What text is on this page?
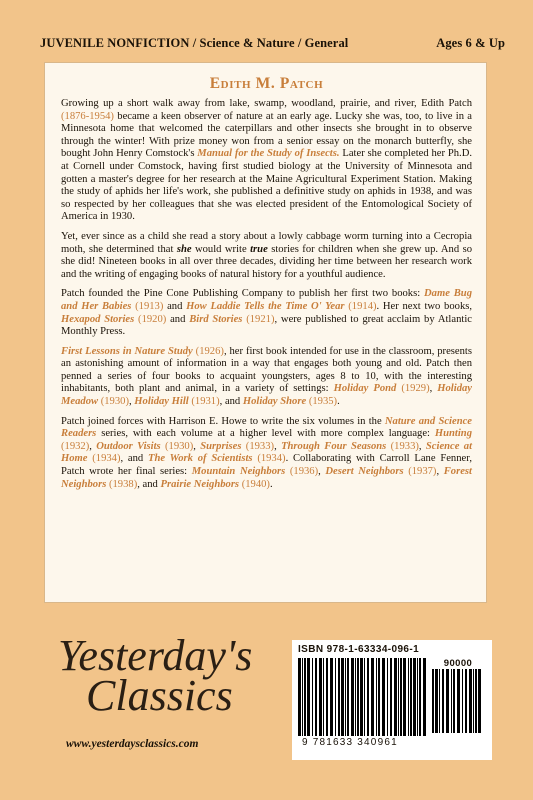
JUVENILE NONFICTION / Science & Nature / General	Ages 6 & Up
Edith M. Patch

Growing up a short walk away from lake, swamp, woodland, prairie, and river, Edith Patch (1876-1954) became a keen observer of nature at an early age. Lucky she was, too, to live in a Minnesota home that welcomed the caterpillars and other insects she brought in to observe through the winter! With prize money won from a senior essay on the monarch butterfly, she bought John Henry Comstock's Manual for the Study of Insects. Later she completed her Ph.D. at Cornell under Comstock, having first studied biology at the University of Minnesota and gotten a master's degree for her research at the Maine Agricultural Experiment Station. Making the study of aphids her life's work, she published a definitive study on aphids in 1938, and was so respected by her colleagues that she was elected president of the Entomological Society of America in 1930.

Yet, ever since as a child she read a story about a lowly cabbage worm turning into a Cecropia moth, she determined that she would write true stories for children when she grew up. And so she did! Nineteen books in all over three decades, dividing her time between her research work and the writing of engaging books of natural history for a youthful audience.

Patch founded the Pine Cone Publishing Company to publish her first two books: Dame Bug and Her Babies (1913) and How Laddie Tells the Time O' Year (1914). Her next two books, Hexapod Stories (1920) and Bird Stories (1921), were published to great acclaim by Atlantic Monthly Press.

First Lessons in Nature Study (1926), her first book intended for use in the classroom, presents an astonishing amount of information in a way that engages both young and old. Patch then penned a series of four books to acquaint youngsters, ages 8 to 10, with the interesting inhabitants, both plant and animal, in a variety of settings: Holiday Pond (1929), Holiday Meadow (1930), Holiday Hill (1931), and Holiday Shore (1935).

Patch joined forces with Harrison E. Howe to write the six volumes in the Nature and Science Readers series, with each volume at a higher level with more complex language: Hunting (1932), Outdoor Visits (1930), Surprises (1933), Through Four Seasons (1933), Science at Home (1934), and The Work of Scientists (1934). Collaborating with Carroll Lane Fenner, Patch wrote her final series: Mountain Neighbors (1936), Desert Neighbors (1937), Forest Neighbors (1938), and Prairie Neighbors (1940).

Yesterday's
Classics
www.yesterdaysclassics.com
ISBN 978-1-63334-096-1
90000
9 781633 340961
